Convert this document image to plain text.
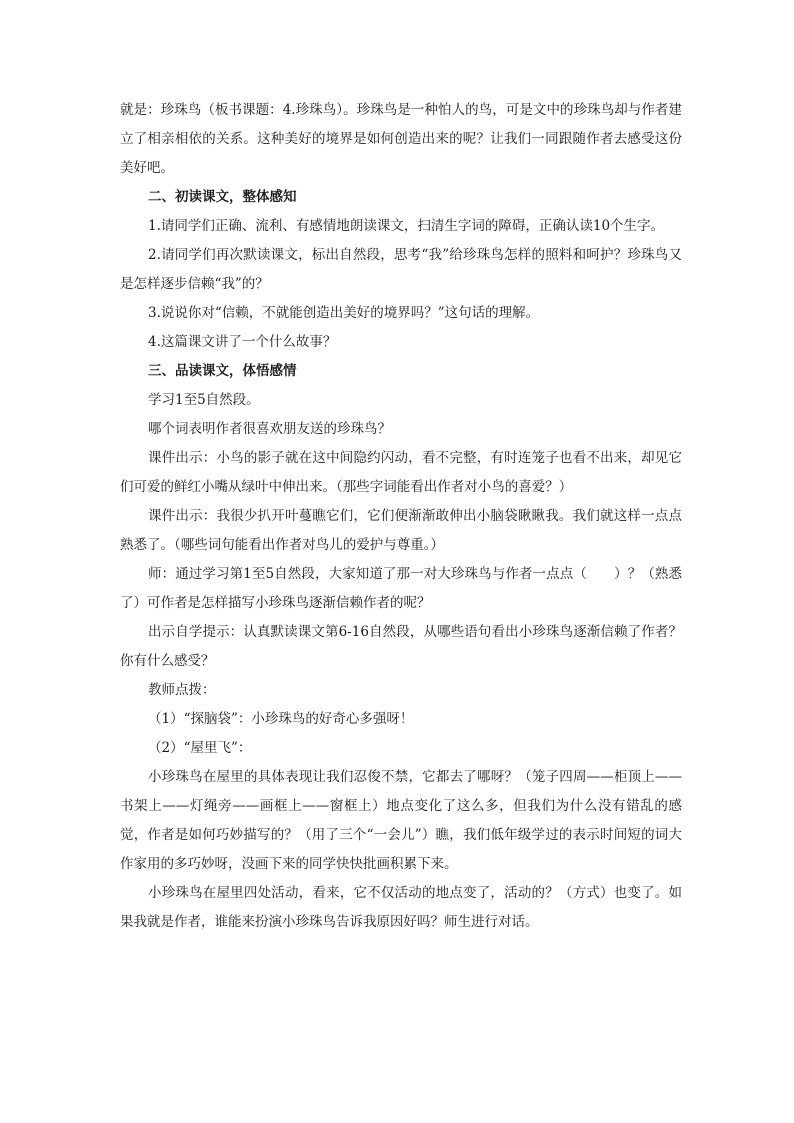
就是：珍珠鸟（板书课题：4.珍珠鸟）。珍珠鸟是一种怕人的鸟，可是文中的珍珠鸟却与作者建立了相亲相依的关系。这种美好的境界是如何创造出来的呢？让我们一同跟随作者去感受这份美好吧。

二、初读课文，整体感知

1.请同学们正确、流利、有感情地朗读课文，扫清生字词的障碍，正确认读10个生字。

2.请同学们再次默读课文，标出自然段，思考“我”给珍珠鸟怎样的照料和呵护？珍珠鸟又是怎样逐步信赖“我”的？

3.说说你对“信赖，不就能创造出美好的境界吗？”这句话的理解。

4.这篇课文讲了一个什么故事？

三、品读课文，体悟感情

学习1至5自然段。

哪个词表明作者很喜欢朋友送的珍珠鸟？

课件出示：小鸟的影子就在这中间隐约闪动，看不完整，有时连笼子也看不出来，却见它们可爱的鲜红小嘴从绿叶中伸出来。（那些字词能看出作者对小鸟的喜爱？）

课件出示：我很少扒开叶蔓瞧它们，它们便渐渐敢伸出小脑袋瞅瞅我。我们就这样一点点熟悉了。（哪些词句能看出作者对鸟儿的爱护与尊重。）

师：通过学习第1至5自然段，大家知道了那一对大珍珠鸟与作者一点点（　　）？（熟悉了）可作者是怎样描写小珍珠鸟逐渐信赖作者的呢？

出示自学提示：认真默读课文第6-16自然段，从哪些语句看出小珍珠鸟逐渐信赖了作者？你有什么感受？

教师点拨：

（1）“探脑袋”：小珍珠鸟的好奇心多强呀！

（2）“屋里飞”：

小珍珠鸟在屋里的具体表现让我们忍俊不禁，它都去了哪呀？（笼子四周——柜顶上——书架上——灯绳旁——画框上——窗框上）地点变化了这么多，但我们为什么没有错乱的感觉，作者是如何巧妙描写的？（用了三个“一会儿”）瞧，我们低年级学过的表示时间短的词大作家用的多巧妙呀，没画下来的同学快快批画积累下来。

小珍珠鸟在屋里四处活动，看来，它不仅活动的地点变了，活动的？（方式）也变了。如果我就是作者，谁能来扮演小珍珠鸟告诉我原因好吗？师生进行对话。
